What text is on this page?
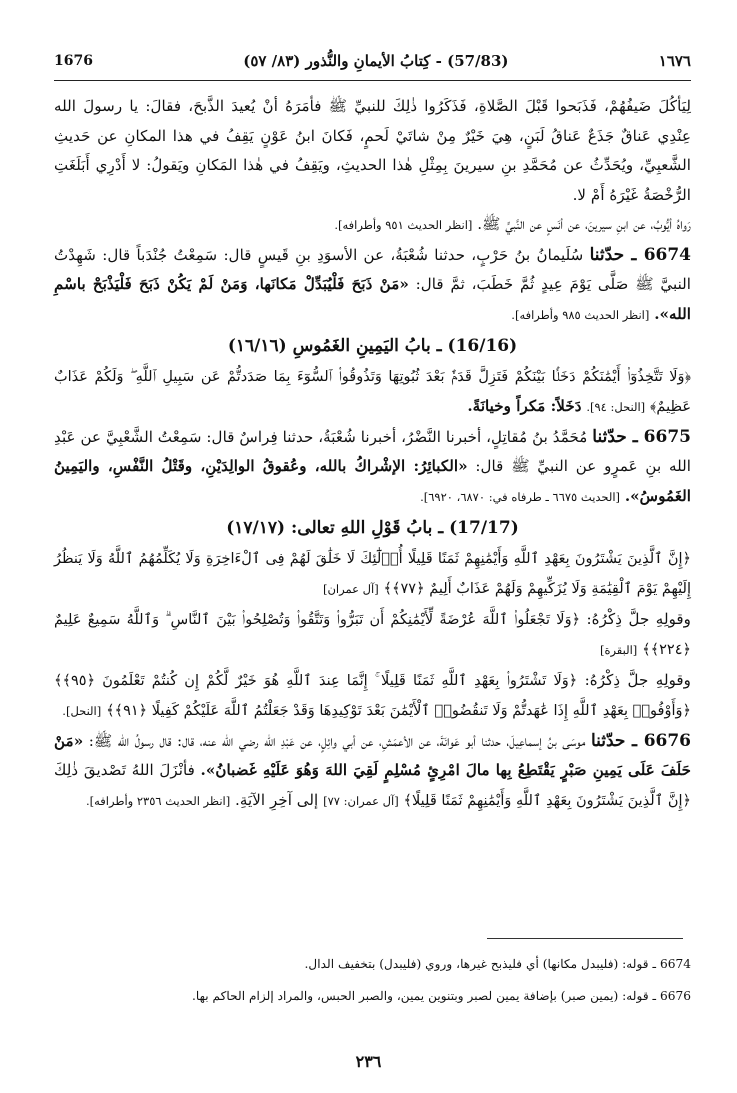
1676	(57/83) - كِتابُ الأيمانِ والنُّذور (٨٣/ ٥٧)	١٦٧٦

لِيَأكُلَ ضَيفُهُمْ، فَذَبَحوا قَبْلَ الصَّلاةِ، فَذَكَرُوا ذٰلِكَ للنبيِّ ﷺ فأمَرَهُ أنْ يُعيدَ الذَّبحَ، فقالَ: يا رسولَ الله عِنْدِي عَناقٌ جَذَعٌ عَناقُ لَبَنٍ، هِيَ خَيْرٌ مِنْ شاتَيْ لَحمٍ، فَكانَ ابنُ عَوْنٍ يَقِفُ في هذا المكانِ عن حَديثِ الشَّعبِيِّ، ويُحَدِّثُ عن مُحَمَّدِ بنِ سيرينَ بِمِثْلِ هٰذا الحديثِ، ويَقِفُ في هٰذا المَكانِ ويَقولُ: لا أَدْرِي أَبَلَغَتِ الرُّخْصَةُ غَيْرَهُ أَمْ لا.

رَواهُ أيُّوبُ، عن ابنِ سيرينَ، عن أنَسٍ عن النَّبيِّ ﷺ. [انظر الحديث ٩٥١ وأطرافه].

6674 ـ حدّثنا سُلَيمانُ بنُ حَرْبٍ، حدثنا شُعْبَةُ، عن الأسوَدِ بنِ قَيسٍ قال: سَمِعْتُ جُنْدَباً قال: شَهِدْتُ النبيَّ ﷺ صَلَّى يَوْمَ عِيدٍ ثُمَّ خَطَبَ، ثمَّ قال: «مَنْ ذَبَحَ فَلْيُبَدِّلْ مَكانَها، وَمَنْ لَمْ يَكُنْ ذَبَحَ فَلْيَذْبَحْ باسْمِ الله». [انظر الحديث ٩٨٥ وأطرافه].

(16/16) ـ بابُ اليَمِينِ الغَمُوسِ (١٦/١٦)

﴿وَلَا تَتَّخِذُوٓا۟ أَيْمَٰنَكُمْ دَخَلًۢا بَيْنَكُمْ فَتَزِلَّ قَدَمٌۢ بَعْدَ ثُبُوتِهَا وَتَذُوقُوا۟ ٱلسُّوٓءَ بِمَا صَدَدتُّمْ عَن سَبِيلِ ٱللَّهِ ۖ وَلَكُمْ عَذَابٌ عَظِيمٌ﴾ [النحل: ٩٤]. دَخَلاً: مَكراً وخيانَةً.

6675 ـ حدّثنا مُحَمَّدُ بنُ مُقاتِلٍ، أخبرنا النَّضْرُ، أخبرنا شُعْبَةُ، حدثنا فِراسٌ قال: سَمِعْتُ الشَّعْبِيَّ عن عَبْدِ الله بنِ عَمرٍو عن النبيِّ ﷺ قال: «الكبائِرُ: الإشْراكُ بالله، وعُقوقُ الوالِدَيْنِ، وقَتْلُ النَّفْسِ، واليَمِينُ الغَمُوسُ». [الحديث ٦٦٧٥ ـ طرفاه في: ٦٨٧٠، ٦٩٢٠].

(17/17) ـ بابُ قَوْلِ اللهِ تعالى: (١٧/١٧)

﴿إِنَّ ٱلَّذِينَ يَشْتَرُونَ بِعَهْدِ ٱللَّهِ وَأَيْمَٰنِهِمْ ثَمَنًا قَلِيلًا أُو۟لَٰٓئِكَ لَا خَلَٰقَ لَهُمْ فِى ٱلْءَاخِرَةِ وَلَا يُكَلِّمُهُمُ ٱللَّهُ وَلَا يَنظُرُ إِلَيْهِمْ يَوْمَ ٱلْقِيَٰمَةِ وَلَا يُزَكِّيهِمْ وَلَهُمْ عَذَابٌ أَلِيمٌ ﴿٧٧﴾﴾ [آل عمران]

وقولِهِ جلَّ ذِكْرُهُ: ﴿وَلَا تَجْعَلُوا۟ ٱللَّهَ عُرْضَةً لِّأَيْمَٰنِكُمْ أَن تَبَرُّوا۟ وَتَتَّقُوا۟ وَتُصْلِحُوا۟ بَيْنَ ٱلنَّاسِ ۗ وَٱللَّهُ سَمِيعٌ عَلِيمٌ ﴿٢٢٤﴾﴾ [البقرة]

وقولِهِ جلَّ ذِكْرُهُ: ﴿وَلَا تَشْتَرُوا۟ بِعَهْدِ ٱللَّهِ ثَمَنًا قَلِيلًا ۚ إِنَّمَا عِندَ ٱللَّهِ هُوَ خَيْرٌ لَّكُمْ إِن كُنتُمْ تَعْلَمُونَ ﴿٩٥﴾﴾ ﴿وَأَوْفُوا۟ بِعَهْدِ ٱللَّهِ إِذَا عَٰهَدتُّمْ وَلَا تَنقُضُوا۟ ٱلْأَيْمَٰنَ بَعْدَ تَوْكِيدِهَا وَقَدْ جَعَلْتُمُ ٱللَّهَ عَلَيْكُمْ كَفِيلًا ﴿٩١﴾﴾ [النحل].

6676 ـ حدّثنا موسَى بنُ إسماعِيلَ، حدثنا أبو عَوانَةَ، عن الأعمَشِ، عن أبي وائِلٍ، عن عَبْدِ الله رضي الله عنه، قال: قال رسولُ الله ﷺ: «مَنْ حَلَفَ عَلَى يَمِينِ صَبْرٍ يَقْتَطِعُ بِها مالَ امْرِئٍ مُسْلِمٍ لَقِيَ اللهَ وَهُوَ عَلَيْهِ غَضبانُ». فأنْزَلَ اللهُ تَصْديقَ ذٰلِكَ ﴿إِنَّ ٱلَّذِينَ يَشْتَرُونَ بِعَهْدِ ٱللَّهِ وَأَيْمَٰنِهِمْ ثَمَنًا قَلِيلًا﴾ [آل عمران: ٧٧] إلى آخِرِ الآيَةِ. [انظر الحديث ٢٣٥٦ وأطرافه].

6674 ـ قوله: (فليبدل مكانها) أي فليذبح غيرها، وروي (فليبدل) بتخفيف الدال.
6676 ـ قوله: (يمين صبر) بإضافة يمين لصبر وبتنوين يمين، والصبر الحبس، والمراد إلزام الحاكم بها.
٢٣٦
